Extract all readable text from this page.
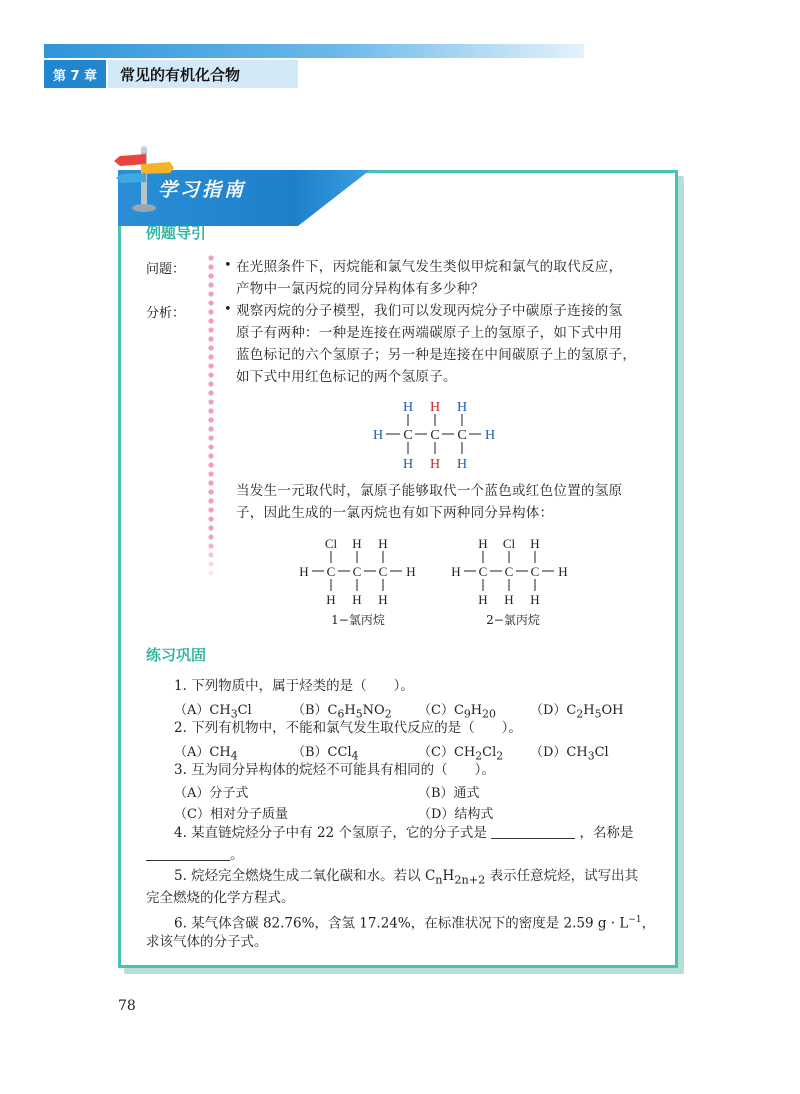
第 7 章	常见的有机化合物
学习指南
例题导引
问题：	• 在光照条件下，丙烷能和氯气发生类似甲烷和氯气的取代反应，
产物中一氯丙烷的同分异构体有多少种？
分析：	• 观察丙烷的分子模型，我们可以发现丙烷分子中碳原子连接的氢
原子有两种：一种是连接在两端碳原子上的氢原子，如下式中用
蓝色标记的六个氢原子；另一种是连接在中间碳原子上的氢原子，
如下式中用红色标记的两个氢原子。
H C C C H
H H H
H H H
当发生一元取代时，氯原子能够取代一个蓝色或红色位置的氢原
子，因此生成的一氯丙烷也有如下两种同分异构体：
H C C C H
Cl H H
H H H
1−氯丙烷
H C C C H
H Cl H
H H H
2−氯丙烷
练习巩固
1. 下列物质中，属于烃类的是（　　）。
$(A)CH_3Cl$	$(B)C_6H_5NO_2$ $(C)C_9H_{20}$	$(D)C_2H_5OH$
2. 下列有机物中，不能和氯气发生取代反应的是（　　）。
$(A)CH_4$	（B）CCl$_4$	$(C)CH_2Cl_2$ $(D)CH_3Cl$
3. 互为同分异构体的烷烃不可能具有相同的（　　）。
（A）分子式	（B）通式
（C）相对分子质量	（D）结构式
4. 某直链烷烃分子中有 22 个氢原子，它的分子式是	，名称是
。
5. 烷烃完全燃烧生成二氧化碳和水。若以 $C_nH_{2n+2}$ 表示任意烷烃，试写出其
完全燃烧的化学方程式。
6. 某气体含碳 82.76%，含氢 17.24%，在标准状况下的密度是 2.59 $g \cdot L^{-1}$，
求该气体的分子式。
78
